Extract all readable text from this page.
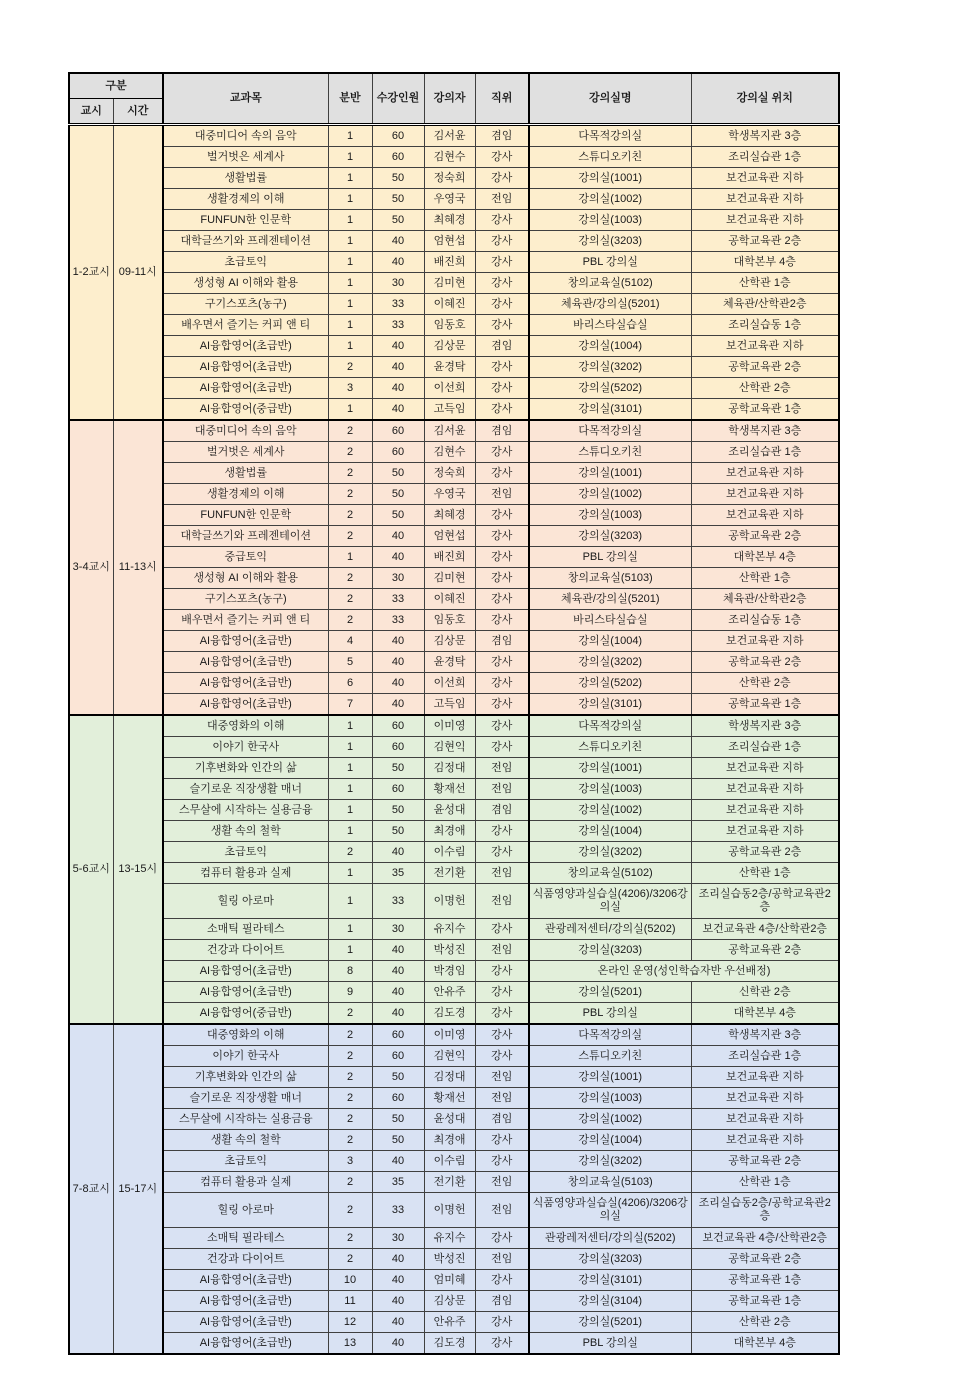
구분		교과목	분반	수강인원	강의자	직위	강의실명	강의실 위치
교시	시간							
1-2교시	09-11시	대중미디어 속의 음악	1	60	김서윤	겸임	다목적강의실	학생복지관 3층
		벌거벗은 세계사	1	60	김현수	강사	스튜디오키친	조리실습관 1층
		생활법률	1	50	정숙희	강사	강의실(1001)	보건교육관 지하
		생활경제의 이해	1	50	우영국	전임	강의실(1002)	보건교육관 지하
		FUNFUN한 인문학	1	50	최혜경	강사	강의실(1003)	보건교육관 지하
		대학글쓰기와 프레젠테이션	1	40	엄현섭	강사	강의실(3203)	공학교육관 2층
		초급토익	1	40	배진희	강사	PBL 강의실	대학본부 4층
		생성형 AI 이해와 활용	1	30	김미현	강사	창의교육실(5102)	산학관 1층
		구기스포츠(농구)	1	33	이혜진	강사	체육관/강의실(5201)	체육관/산학관2층
		배우면서 즐기는 커피 앤 티	1	33	임동호	강사	바리스타실습실	조리실습동 1층
		AI융합영어(초급반)	1	40	김상문	겸임	강의실(1004)	보건교육관 지하
		AI융합영어(초급반)	2	40	윤경탁	강사	강의실(3202)	공학교육관 2층
		AI융합영어(초급반)	3	40	이선희	강사	강의실(5202)	산학관 2층
		AI융합영어(중급반)	1	40	고득임	강사	강의실(3101)	공학교육관 1층
3-4교시	11-13시	대중미디어 속의 음악	2	60	김서윤	겸임	다목적강의실	학생복지관 3층
		벌거벗은 세계사	2	60	김현수	강사	스튜디오키친	조리실습관 1층
		생활법률	2	50	정숙희	강사	강의실(1001)	보건교육관 지하
		생활경제의 이해	2	50	우영국	전임	강의실(1002)	보건교육관 지하
		FUNFUN한 인문학	2	50	최혜경	강사	강의실(1003)	보건교육관 지하
		대학글쓰기와 프레젠테이션	2	40	엄현섭	강사	강의실(3203)	공학교육관 2층
		중급토익	1	40	배진희	강사	PBL 강의실	대학본부 4층
		생성형 AI 이해와 활용	2	30	김미현	강사	창의교육실(5103)	산학관 1층
		구기스포츠(농구)	2	33	이혜진	강사	체육관/강의실(5201)	체육관/산학관2층
		배우면서 즐기는 커피 앤 티	2	33	임동호	강사	바리스타실습실	조리실습동 1층
		AI융합영어(초급반)	4	40	김상문	겸임	강의실(1004)	보건교육관 지하
		AI융합영어(초급반)	5	40	윤경탁	강사	강의실(3202)	공학교육관 2층
		AI융합영어(초급반)	6	40	이선희	강사	강의실(5202)	산학관 2층
		AI융합영어(초급반)	7	40	고득임	강사	강의실(3101)	공학교육관 1층
5-6교시	13-15시	대중영화의 이해	1	60	이미영	강사	다목적강의실	학생복지관 3층
		이야기 한국사	1	60	김현익	강사	스튜디오키친	조리실습관 1층
		기후변화와 인간의 삶	1	50	김정대	전임	강의실(1001)	보건교육관 지하
		슬기로운 직장생활 매너	1	60	황재선	전임	강의실(1003)	보건교육관 지하
		스무살에 시작하는 실용금융	1	50	윤성대	겸임	강의실(1002)	보건교육관 지하
		생활 속의 철학	1	50	최경애	강사	강의실(1004)	보건교육관 지하
		초급토익	2	40	이수림	강사	강의실(3202)	공학교육관 2층
		컴퓨터 활용과 실제	1	35	전기환	전임	창의교육실(5102)	산학관 1층
		힐링 아로마	1	33	이명헌	전임	식품영양과실습실(4206)/3206강의실	조리실습동2층/공학교육관2층
		소매틱 필라테스	1	30	유지수	강사	관광레저센터/강의실(5202)	보건교육관 4층/산학관2층
		건강과 다이어트	1	40	박성진	전임	강의실(3203)	공학교육관 2층
		AI융합영어(초급반)	8	40	박경임	강사	온라인 운영(성인학습자반 우선배정)	
		AI융합영어(초급반)	9	40	안유주	강사	강의실(5201)	신학관 2층
		AI융합영어(중급반)	2	40	김도경	강사	PBL 강의실	대학본부 4층
7-8교시	15-17시	대중영화의 이해	2	60	이미영	강사	다목적강의실	학생복지관 3층
		이야기 한국사	2	60	김현익	강사	스튜디오키친	조리실습관 1층
		기후변화와 인간의 삶	2	50	김정대	전임	강의실(1001)	보건교육관 지하
		슬기로운 직장생활 매너	2	60	황재선	전임	강의실(1003)	보건교육관 지하
		스무살에 시작하는 실용금융	2	50	윤성대	겸임	강의실(1002)	보건교육관 지하
		생활 속의 철학	2	50	최경애	강사	강의실(1004)	보건교육관 지하
		초급토익	3	40	이수림	강사	강의실(3202)	공학교육관 2층
		컴퓨터 활용과 실제	2	35	전기환	전임	창의교육실(5103)	산학관 1층
		힐링 아로마	2	33	이명헌	전임	식품영양과실습실(4206)/3206강의실	조리실습동2층/공학교육관2층
		소매틱 필라테스	2	30	유지수	강사	관광레저센터/강의실(5202)	보건교육관 4층/산학관2층
		건강과 다이어트	2	40	박성진	전임	강의실(3203)	공학교육관 2층
		AI융합영어(초급반)	10	40	엄미혜	강사	강의실(3101)	공학교육관 1층
		AI융합영어(초급반)	11	40	김상문	겸임	강의실(3104)	공학교육관 1층
		AI융합영어(초급반)	12	40	안유주	강사	강의실(5201)	산학관 2층
		AI융합영어(초급반)	13	40	김도경	강사	PBL 강의실	대학본부 4층
